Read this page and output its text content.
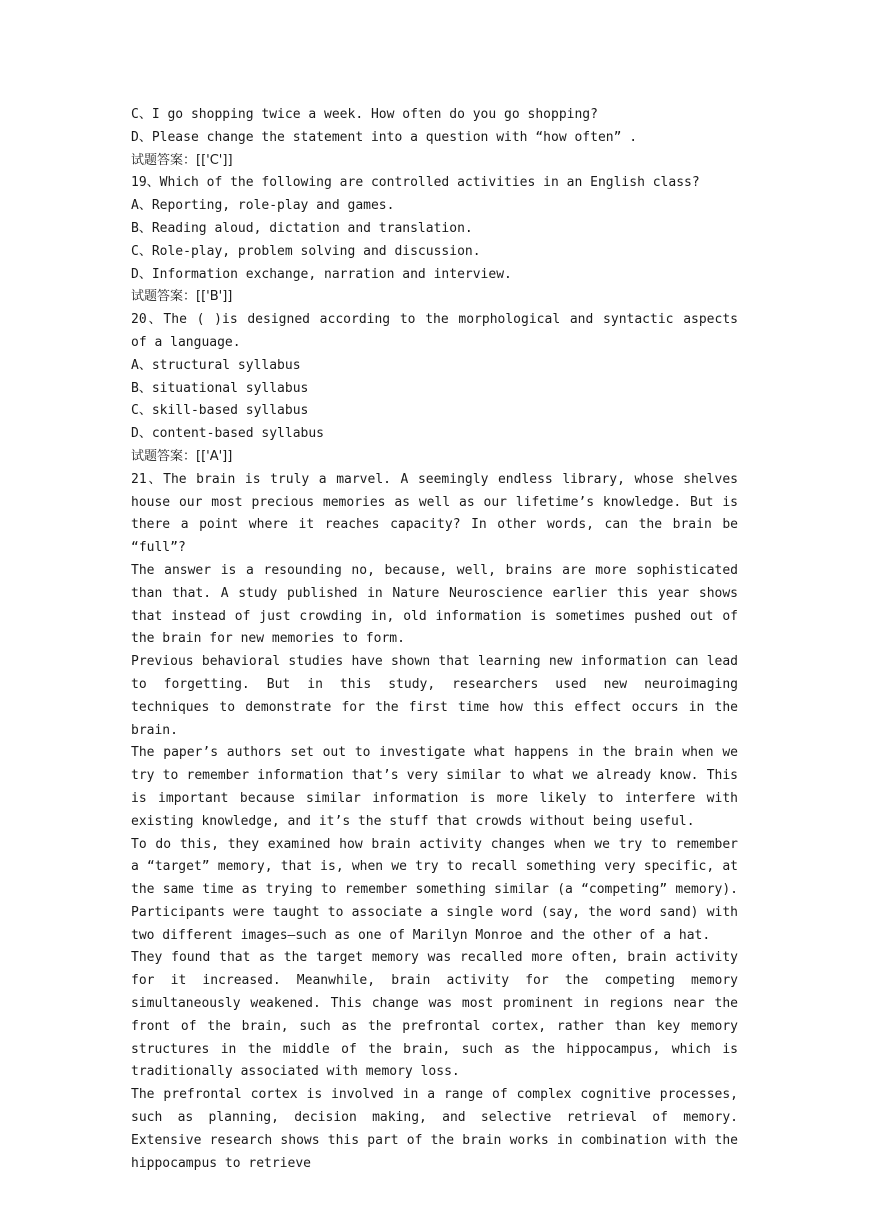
C、I go shopping twice a week. How often do you go shopping?
D、Please change the statement into a question with “how often” .
试题答案：[['C']]
19、Which of the following are controlled activities in an English class?
A、Reporting, role-play and games.
B、Reading aloud, dictation and translation.
C、Role-play, problem solving and discussion.
D、Information exchange, narration and interview.
试题答案：[['B']]
20、The ( )is designed according to the morphological and syntactic aspects of a language.
A、structural syllabus
B、situational syllabus
C、skill-based syllabus
D、content-based syllabus
试题答案：[['A']]
21、The brain is truly a marvel. A seemingly endless library, whose shelves house our most precious memories as well as our lifetime’s knowledge. But is there a point where it reaches capacity? In other words, can the brain be “full”?
The answer is a resounding no, because, well, brains are more sophisticated than that. A study published in Nature Neuroscience earlier this year shows that instead of just crowding in, old information is sometimes pushed out of the brain for new memories to form.
Previous behavioral studies have shown that learning new information can lead to forgetting. But in this study, researchers used new neuroimaging techniques to demonstrate for the first time how this effect occurs in the brain.
The paper’s authors set out to investigate what happens in the brain when we try to remember information that’s very similar to what we already know. This is important because similar information is more likely to interfere with existing knowledge, and it’s the stuff that crowds without being useful.
To do this, they examined how brain activity changes when we try to remember a “target” memory, that is, when we try to recall something very specific, at the same time as trying to remember something similar (a “competing” memory). Participants were taught to associate a single word (say, the word sand) with two different images—such as one of Marilyn Monroe and the other of a hat.
They found that as the target memory was recalled more often, brain activity for it increased. Meanwhile, brain activity for the competing memory simultaneously weakened. This change was most prominent in regions near the front of the brain, such as the prefrontal cortex, rather than key memory structures in the middle of the brain, such as the hippocampus, which is traditionally associated with memory loss.
The prefrontal cortex is involved in a range of complex cognitive processes, such as planning, decision making, and selective retrieval of memory. Extensive research shows this part of the brain works in combination with the hippocampus to retrieve
